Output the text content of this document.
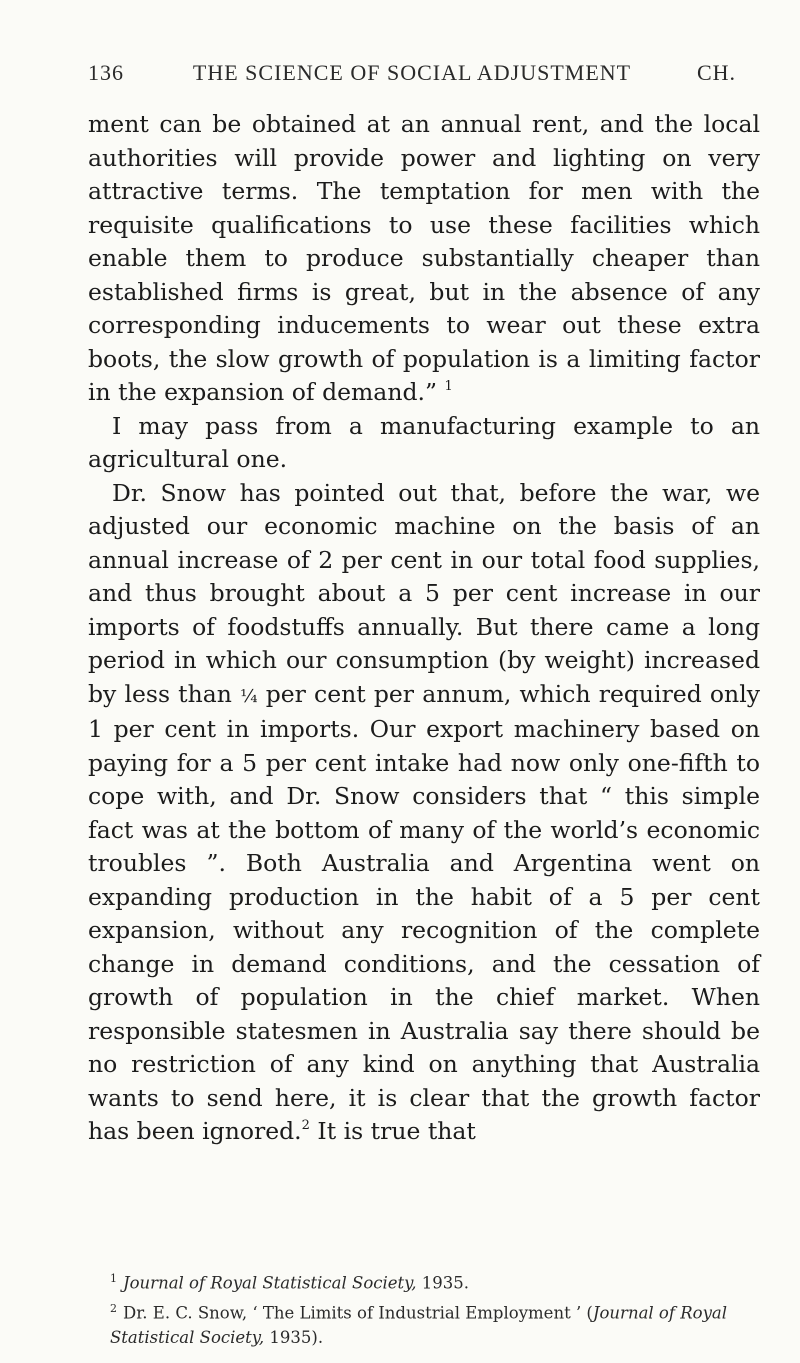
136	THE SCIENCE OF SOCIAL ADJUSTMENT	CH.

ment can be obtained at an annual rent, and the local authorities will provide power and lighting on very attractive terms. The temptation for men with the requisite qualifications to use these facilities which enable them to produce substantially cheaper than established firms is great, but in the absence of any corresponding inducements to wear out these extra boots, the slow growth of population is a limiting factor in the expansion of demand.” $^1$

I may pass from a manufacturing example to an agricultural one.

Dr. Snow has pointed out that, before the war, we adjusted our economic machine on the basis of an annual increase of 2 per cent in our total food supplies, and thus brought about a 5 per cent increase in our imports of foodstuffs annually. But there came a long period in which our consumption (by weight) increased by less than ¼ per cent per annum, which required only 1 per cent in imports. Our export machinery based on paying for a 5 per cent intake had now only one-fifth to cope with, and Dr. Snow considers that “ this simple fact was at the bottom of many of the world’s economic troubles ”. Both Australia and Argentina went on expanding production in the habit of a 5 per cent expansion, without any recognition of the complete change in demand conditions, and the cessation of growth of population in the chief market. When responsible statesmen in Australia say there should be no restriction of any kind on anything that Australia wants to send here, it is clear that the growth factor has been ignored.$^2$ It is true that

$^1$ Journal of Royal Statistical Society, 1935.

$^2$ Dr. E. C. Snow, ‘ The Limits of Industrial Employment ’ (Journal of Royal Statistical Society, 1935).
